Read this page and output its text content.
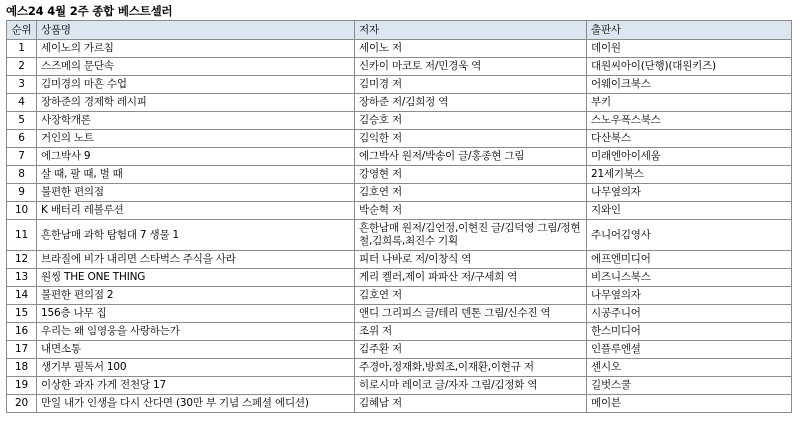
예스24 4월 2주 종합 베스트셀러
순위	상품명	저자	출판사
1	세이노의 가르침	세이노 저	데이원
2	스즈메의 문단속	신카이 마코토 저/민경욱 역	대원씨아이(단행)(대원키즈)
3	김미경의 마흔 수업	김미경 저	어웨이크북스
4	장하준의 경제학 레시피	장하준 저/김희정 역	부키
5	사장학개론	김승호 저	스노우폭스북스
6	거인의 노트	김익한 저	다산북스
7	에그박사 9	에그박사 원저/박송이 글/홍종현 그림	미래엔아이세움
8	살 때, 팔 때, 벌 때	강영현 저	21세기북스
9	불편한 편의점	김호연 저	나무옆의자
10	K 배터리 레볼루션	박순혁 저	지와인
11	흔한남매 과학 탐험대 7 생물 1	흔한남매 원저/김언정,이현진 글/김덕영 그림/정현철,김희록,최진수 기획	주니어김영사
12	브라질에 비가 내리면 스타벅스 주식을 사라	피터 나바로 저/이창식 역	에프엔미디어
13	원씽 THE ONE THING	게리 켈러,제이 파파산 저/구세희 역	비즈니스북스
14	불편한 편의점 2	김호연 저	나무옆의자
15	156층 나무 집	앤디 그리피스 글/테리 덴톤 그림/신수진 역	시공주니어
16	우리는 왜 임영웅을 사랑하는가	조위 저	한스미디어
17	내면소통	김주환 저	인플루엔셜
18	생기부 필독서 100	주경아,정재화,방희조,이재환,이현규 저	센시오
19	이상한 과자 가게 전천당 17	히로시마 레이코 글/자자 그림/김정화 역	길벗스쿨
20	만일 내가 인생을 다시 산다면 (30만 부 기념 스페셜 에디션)	김혜남 저	메이븐
